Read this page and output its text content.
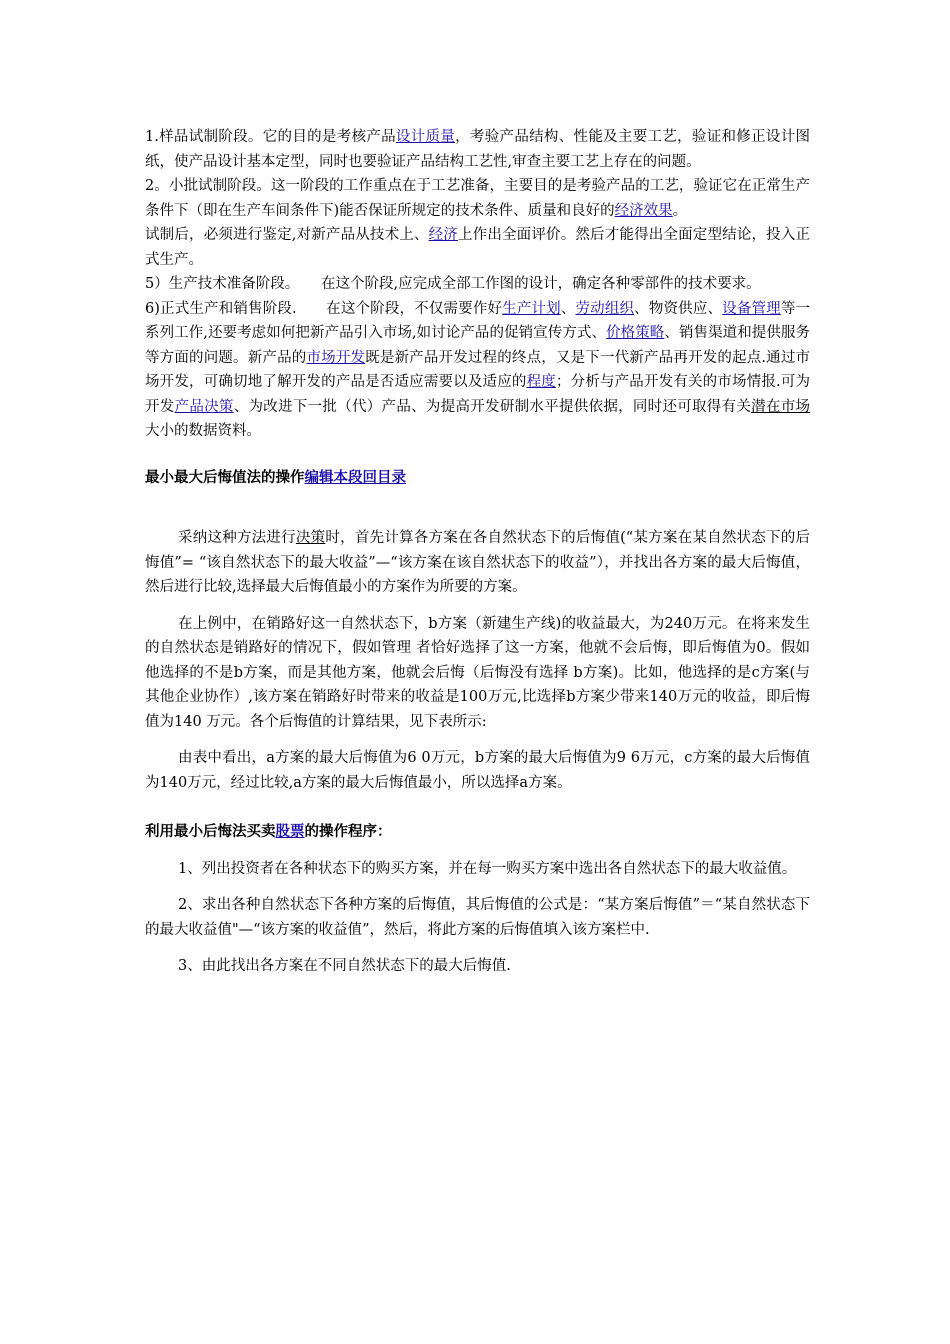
1.样品试制阶段。它的目的是考核产品设计质量，考验产品结构、性能及主要工艺，验证和修正设计图纸，使产品设计基本定型，同时也要验证产品结构工艺性,审查主要工艺上存在的问题。

2。小批试制阶段。这一阶段的工作重点在于工艺准备，主要目的是考验产品的工艺，验证它在正常生产条件下（即在生产车间条件下)能否保证所规定的技术条件、质量和良好的经济效果。

试制后，必须进行鉴定,对新产品从技术上、经济上作出全面评价。然后才能得出全面定型结论，投入正式生产。

5）生产技术准备阶段。　　在这个阶段,应完成全部工作图的设计，确定各种零部件的技术要求。

6)正式生产和销售阶段.　　在这个阶段，不仅需要作好生产计划、劳动组织、物资供应、设备管理等一系列工作,还要考虑如何把新产品引入市场,如讨论产品的促销宣传方式、价格策略、销售渠道和提供服务等方面的问题。新产品的市场开发既是新产品开发过程的终点，又是下一代新产品再开发的起点.通过市场开发，可确切地了解开发的产品是否适应需要以及适应的程度；分析与产品开发有关的市场情报.可为开发产品决策、为改进下一批（代）产品、为提高开发研制水平提供依据，同时还可取得有关潜在市场大小的数据资料。

最小最大后悔值法的操作编辑本段回目录

采纳这种方法进行决策时，首先计算各方案在各自然状态下的后悔值(“某方案在某自然状态下的后悔值”= “该自然状态下的最大收益”—“该方案在该自然状态下的收益”），并找出各方案的最大后悔值，然后进行比较,选择最大后悔值最小的方案作为所要的方案。

在上例中，在销路好这一自然状态下，b方案（新建生产线)的收益最大，为240万元。在将来发生的自然状态是销路好的情况下，假如管理 者恰好选择了这一方案，他就不会后悔，即后悔值为0。假如他选择的不是b方案，而是其他方案，他就会后悔（后悔没有选择 b方案)。比如，他选择的是c方案(与其他企业协作）,该方案在销路好时带来的收益是100万元,比选择b方案少带来140万元的收益，即后悔值为140 万元。各个后悔值的计算结果，见下表所示:

由表中看出，a方案的最大后悔值为6 0万元，b方案的最大后悔值为9 6万元，c方案的最大后悔值为140万元，经过比较,a方案的最大后悔值最小，所以选择a方案。

利用最小后悔法买卖股票的操作程序：

1、列出投资者在各种状态下的购买方案，并在每一购买方案中选出各自然状态下的最大收益值。

2、求出各种自然状态下各种方案的后悔值，其后悔值的公式是：“某方案后悔值”＝“某自然状态下的最大收益值"—“该方案的收益值”，然后，将此方案的后悔值填入该方案栏中.

3、由此找出各方案在不同自然状态下的最大后悔值.
